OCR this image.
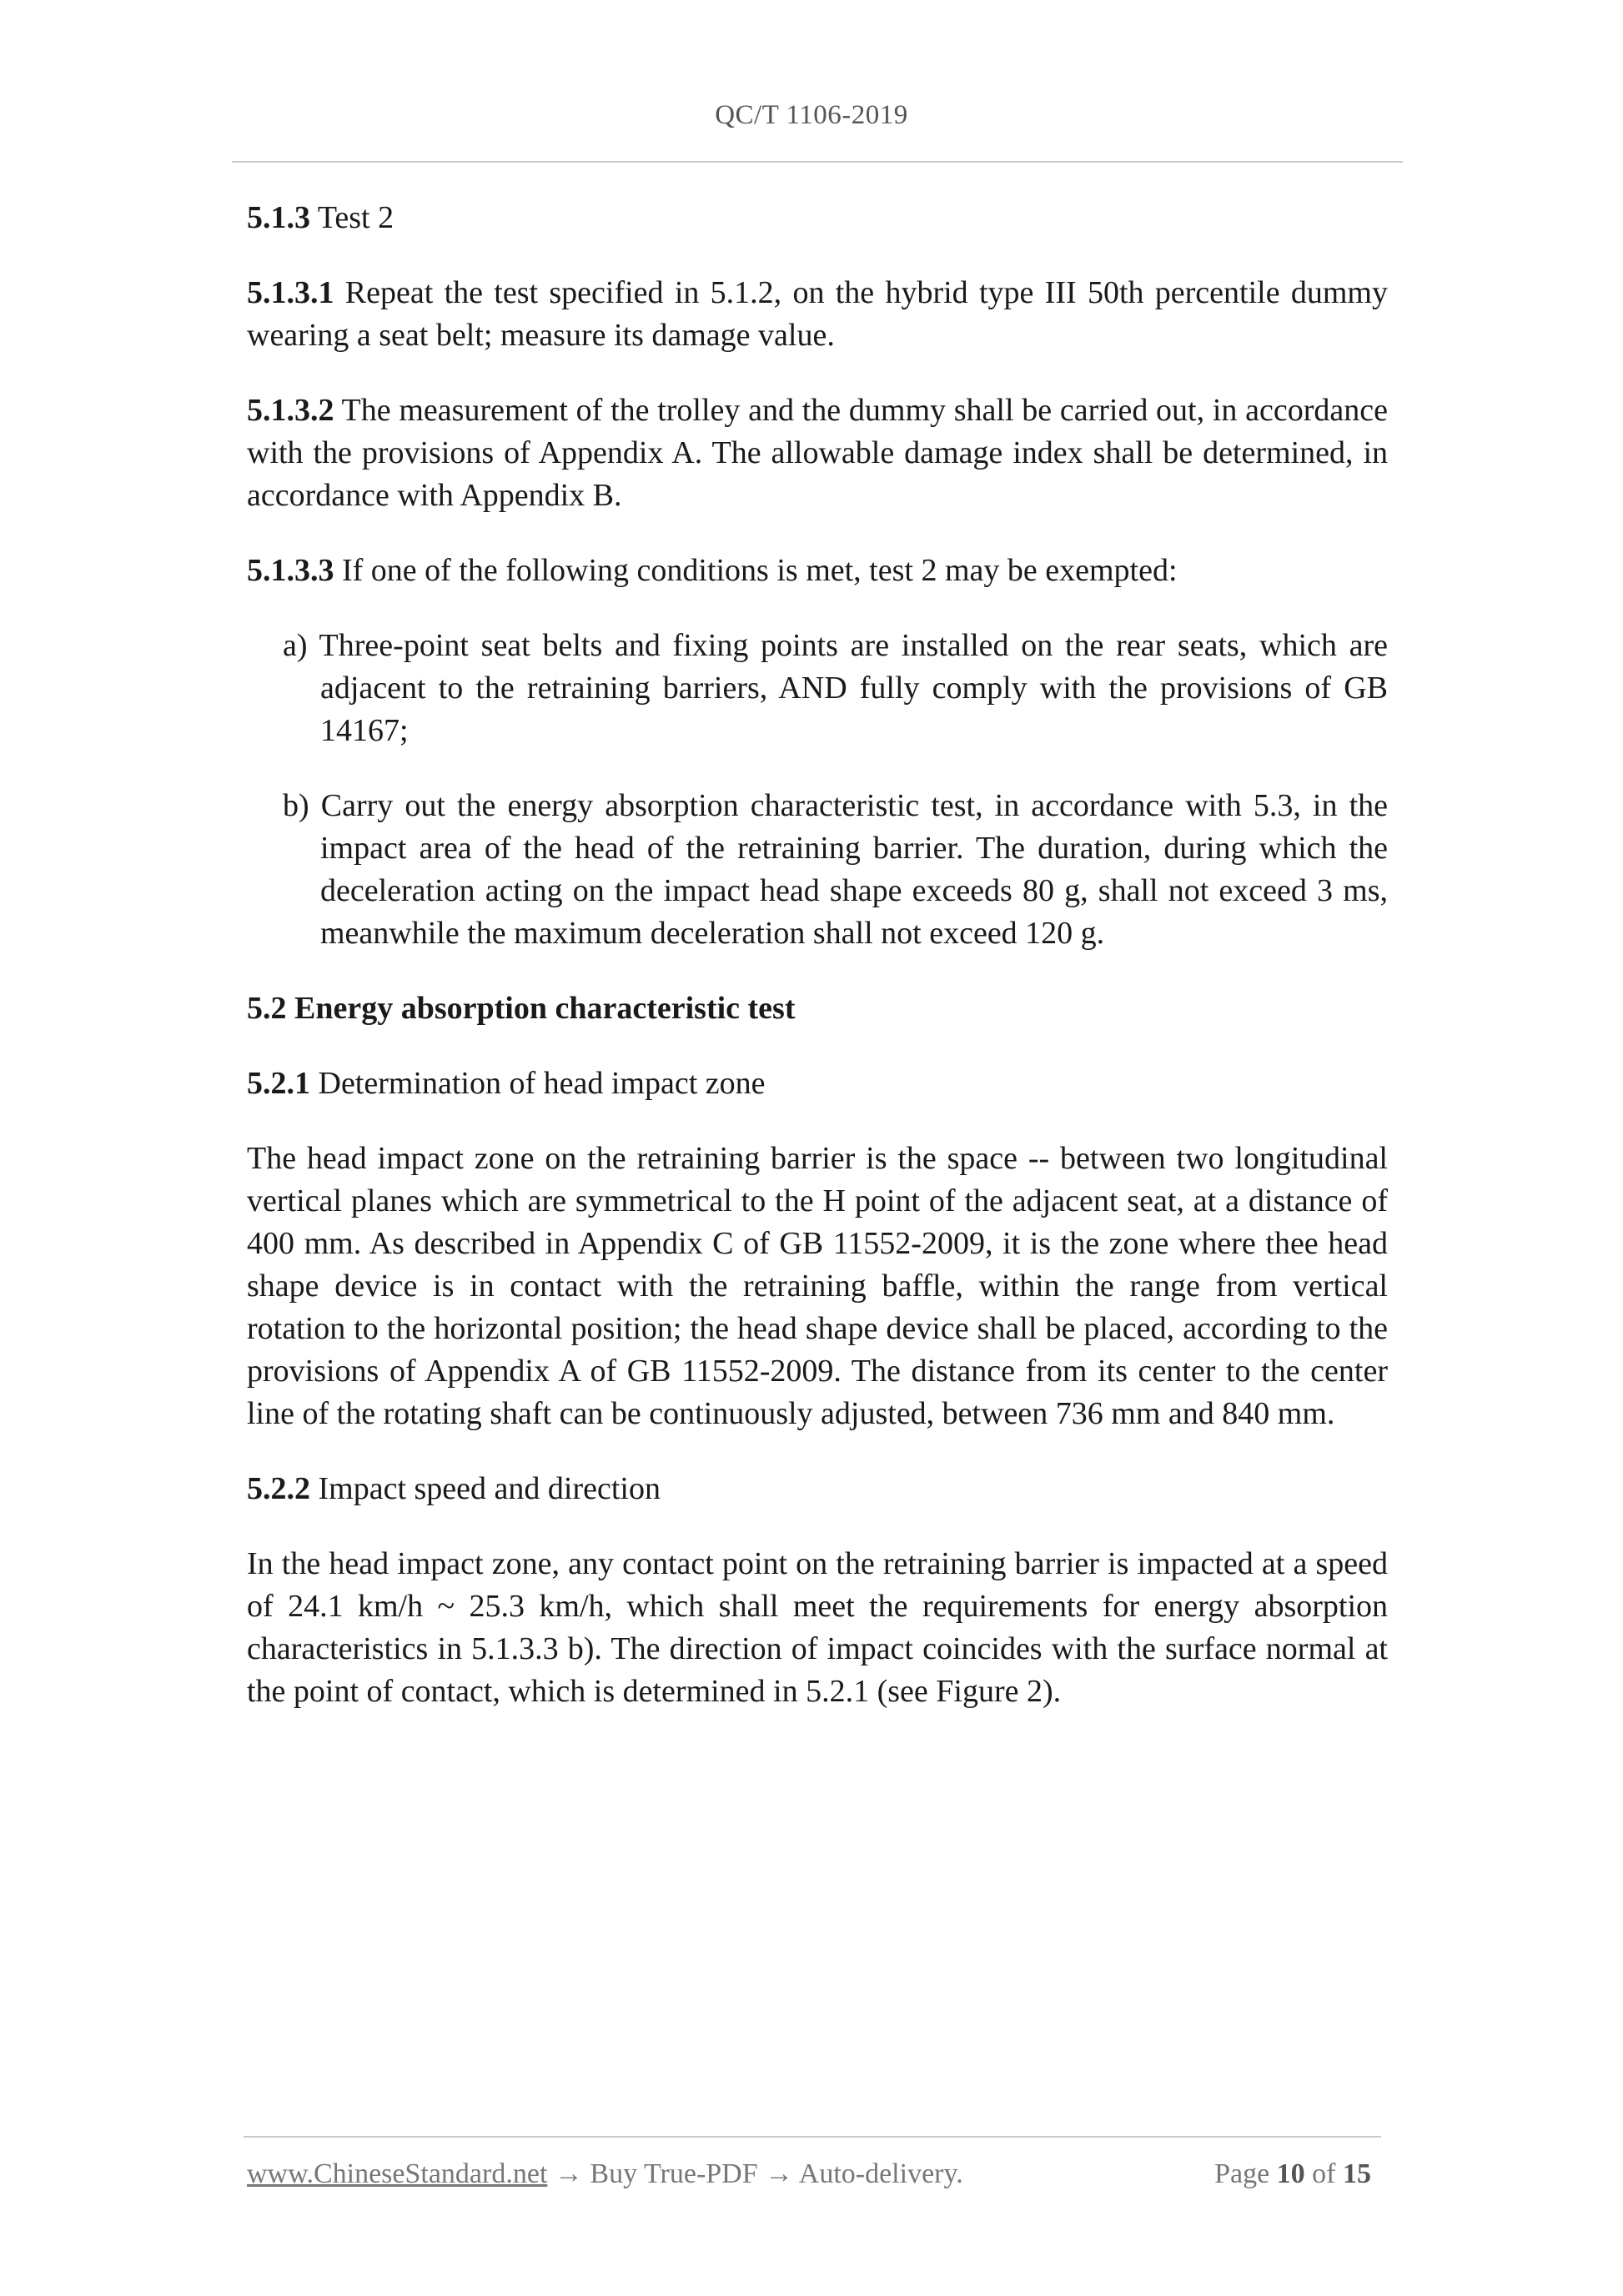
QC/T 1106-2019

5.1.3 Test 2

5.1.3.1 Repeat the test specified in 5.1.2, on the hybrid type III 50th percentile dummy wearing a seat belt; measure its damage value.

5.1.3.2 The measurement of the trolley and the dummy shall be carried out, in accordance with the provisions of Appendix A. The allowable damage index shall be determined, in accordance with Appendix B.

5.1.3.3 If one of the following conditions is met, test 2 may be exempted:

a) Three-point seat belts and fixing points are installed on the rear seats, which are adjacent to the retraining barriers, AND fully comply with the provisions of GB 14167;

b) Carry out the energy absorption characteristic test, in accordance with 5.3, in the impact area of the head of the retraining barrier. The duration, during which the deceleration acting on the impact head shape exceeds 80 g, shall not exceed 3 ms, meanwhile the maximum deceleration shall not exceed 120 g.

5.2 Energy absorption characteristic test

5.2.1 Determination of head impact zone

The head impact zone on the retraining barrier is the space -- between two longitudinal vertical planes which are symmetrical to the H point of the adjacent seat, at a distance of 400 mm. As described in Appendix C of GB 11552-2009, it is the zone where thee head shape device is in contact with the retraining baffle, within the range from vertical rotation to the horizontal position; the head shape device shall be placed, according to the provisions of Appendix A of GB 11552-2009. The distance from its center to the center line of the rotating shaft can be continuously adjusted, between 736 mm and 840 mm.

5.2.2 Impact speed and direction

In the head impact zone, any contact point on the retraining barrier is impacted at a speed of 24.1 km/h ~ 25.3 km/h, which shall meet the requirements for energy absorption characteristics in 5.1.3.3 b). The direction of impact coincides with the surface normal at the point of contact, which is determined in 5.2.1 (see Figure 2).

www.ChineseStandard.net → Buy True-PDF → Auto-delivery.	Page 10 of 15
